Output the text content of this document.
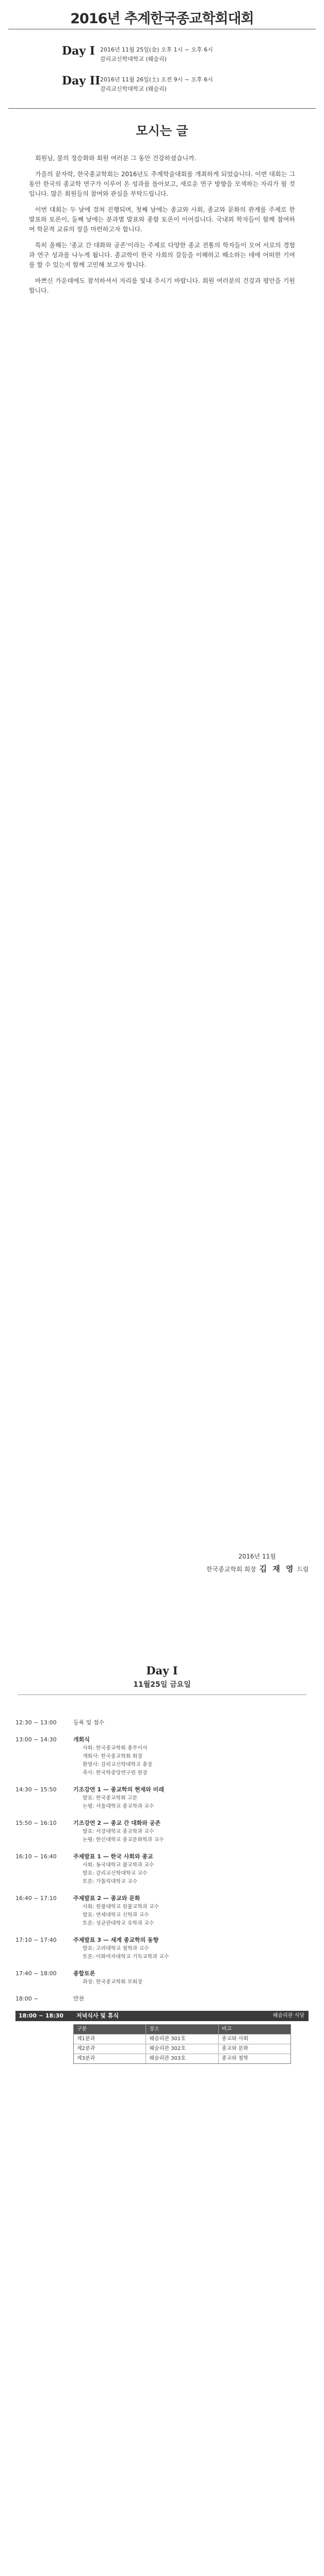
2016년 추계한국종교학회대회
Day I 2016년 11월 25일(金) 오후 1시 ~ 오후 6시
감리교신학대학교 (웨슬리)
Day II 2016년 11월 26일(土) 오전 9시 ~ 오후 6시
감리교신학대학교 (웨슬리)
모시는 글

회원님, 불의 정승화와 회원 여러분 그 동안 건강하셨습니까.

가을의 끝자락, 한국종교학회는 2016년도 추계학술대회를 개최하게 되었습니다. 이번 대회는 그 동안 한국의 종교학 연구가 이루어 온 성과를 돌아보고, 새로운 연구 방향을 모색하는 자리가 될 것입니다. 많은 회원들의 참여와 관심을 부탁드립니다.

이번 대회는 두 날에 걸쳐 진행되며, 첫째 날에는 종교와 사회, 종교와 문화의 관계를 주제로 한 발표와 토론이, 둘째 날에는 분과별 발표와 종합 토론이 이어집니다. 국내외 학자들이 함께 참여하여 학문적 교류의 장을 마련하고자 합니다.

특히 올해는 '종교 간 대화와 공존'이라는 주제로 다양한 종교 전통의 학자들이 모여 서로의 경험과 연구 성과를 나누게 됩니다. 종교학이 한국 사회의 갈등을 이해하고 해소하는 데에 어떠한 기여를 할 수 있는지 함께 고민해 보고자 합니다.

바쁘신 가운데에도 참석하셔서 자리를 빛내 주시기 바랍니다. 회원 여러분의 건강과 평안을 기원합니다.

2016년 11월
한국종교학회 회장 김 재 영 드림
Day I
11월25일 금요일
12:30 ~ 13:00	등록 및 접수
13:00 ~ 14:30	개회식
사회: 한국종교학회 총무이사
개회사: 한국종교학회 회장
환영사: 감리교신학대학교 총장
축사: 한국학중앙연구원 원장
14:30 ~ 15:50	기조강연 1 — 종교학의 현재와 미래
발표: 한국종교학회 고문
논평: 서울대학교 종교학과 교수
15:50 ~ 16:10	기조강연 2 — 종교 간 대화와 공존
발표: 서강대학교 종교학과 교수
논평: 한신대학교 종교문화학과 교수
16:10 ~ 16:40	주제발표 1 — 한국 사회와 종교
사회: 동국대학교 불교학과 교수
발표: 감리교신학대학교 교수
토론: 가톨릭대학교 교수
16:40 ~ 17:10	주제발표 2 — 종교와 문화
사회: 원광대학교 원불교학과 교수
발표: 연세대학교 신학과 교수
토론: 성균관대학교 유학과 교수
17:10 ~ 17:40	주제발표 3 — 세계 종교학의 동향
발표: 고려대학교 철학과 교수
토론: 이화여자대학교 기독교학과 교수
17:40 ~ 18:00	종합토론
좌장: 한국종교학회 부회장
18:00 ~	만찬
18:00 ~ 18:30 저녁식사 및 휴식	웨슬리관 식당
구분	장소	비고
제1분과	웨슬리관 301호	종교와 사회
제2분과	웨슬리관 302호	종교와 문화
제3분과	웨슬리관 303호	종교와 철학
